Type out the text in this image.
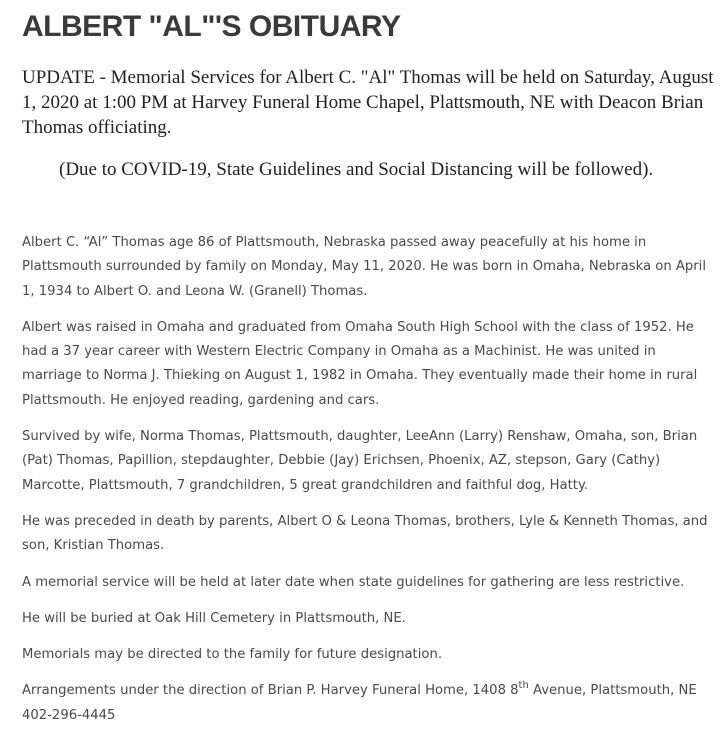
ALBERT "AL"'S OBITUARY

UPDATE - Memorial Services for Albert C. "Al" Thomas will be held on Saturday, August 1, 2020 at 1:00 PM at Harvey Funeral Home Chapel, Plattsmouth, NE with Deacon Brian Thomas officiating.

(Due to COVID-19, State Guidelines and Social Distancing will be followed).

Albert C. “Al” Thomas age 86 of Plattsmouth, Nebraska passed away peacefully at his home in Plattsmouth surrounded by family on Monday, May 11, 2020. He was born in Omaha, Nebraska on April 1, 1934 to Albert O. and Leona W. (Granell) Thomas.

Albert was raised in Omaha and graduated from Omaha South High School with the class of 1952. He had a 37 year career with Western Electric Company in Omaha as a Machinist. He was united in marriage to Norma J. Thieking on August 1, 1982 in Omaha. They eventually made their home in rural Plattsmouth. He enjoyed reading, gardening and cars.

Survived by wife, Norma Thomas, Plattsmouth, daughter, LeeAnn (Larry) Renshaw, Omaha, son, Brian (Pat) Thomas, Papillion, stepdaughter, Debbie (Jay) Erichsen, Phoenix, AZ, stepson, Gary (Cathy) Marcotte, Plattsmouth, 7 grandchildren, 5 great grandchildren and faithful dog, Hatty.

He was preceded in death by parents, Albert O & Leona Thomas, brothers, Lyle & Kenneth Thomas, and son, Kristian Thomas.

A memorial service will be held at later date when state guidelines for gathering are less restrictive.

He will be buried at Oak Hill Cemetery in Plattsmouth, NE.

Memorials may be directed to the family for future designation.

Arrangements under the direction of Brian P. Harvey Funeral Home, 1408 8th Avenue, Plattsmouth, NE
402-296-4445
